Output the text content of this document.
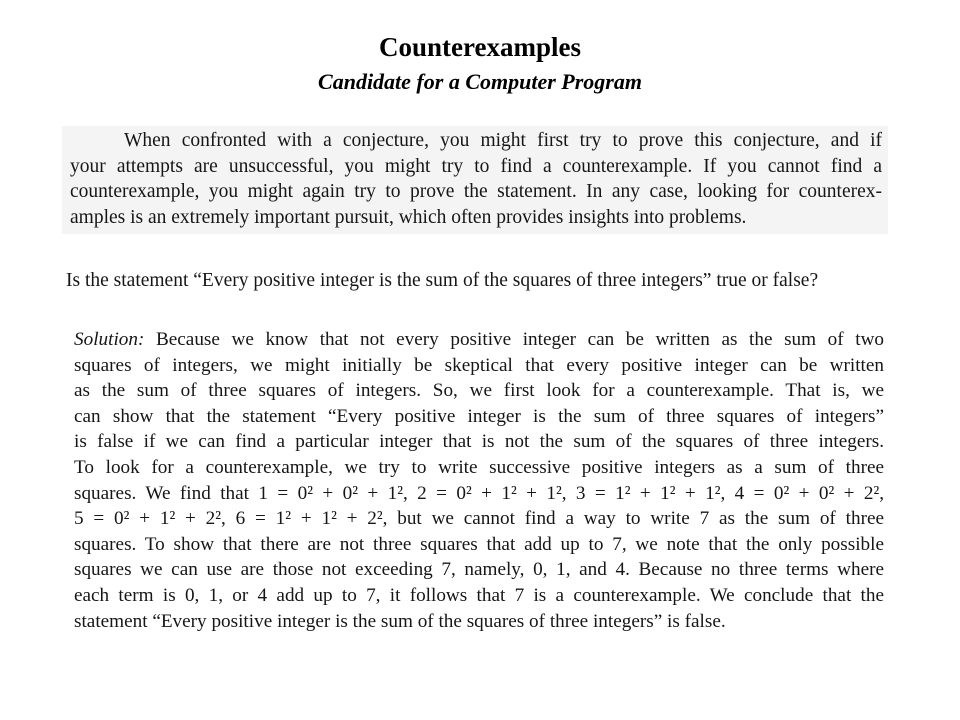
Counterexamples
Candidate for a Computer Program
When confronted with a conjecture, you might first try to prove this conjecture, and if
your attempts are unsuccessful, you might try to find a counterexample. If you cannot find a
counterexample, you might again try to prove the statement. In any case, looking for counterex-
amples is an extremely important pursuit, which often provides insights into problems.
Is the statement “Every positive integer is the sum of the squares of three integers” true or false?
Solution: Because we know that not every positive integer can be written as the sum of two
squares of integers, we might initially be skeptical that every positive integer can be written
as the sum of three squares of integers. So, we first look for a counterexample. That is, we
can show that the statement “Every positive integer is the sum of three squares of integers”
is false if we can find a particular integer that is not the sum of the squares of three integers.
To look for a counterexample, we try to write successive positive integers as a sum of three
squares. We find that 1 = 0² + 0² + 1², 2 = 0² + 1² + 1², 3 = 1² + 1² + 1², 4 = 0² + 0² + 2²,
5 = 0² + 1² + 2², 6 = 1² + 1² + 2², but we cannot find a way to write 7 as the sum of three
squares. To show that there are not three squares that add up to 7, we note that the only possible
squares we can use are those not exceeding 7, namely, 0, 1, and 4. Because no three terms where
each term is 0, 1, or 4 add up to 7, it follows that 7 is a counterexample. We conclude that the
statement “Every positive integer is the sum of the squares of three integers” is false.
